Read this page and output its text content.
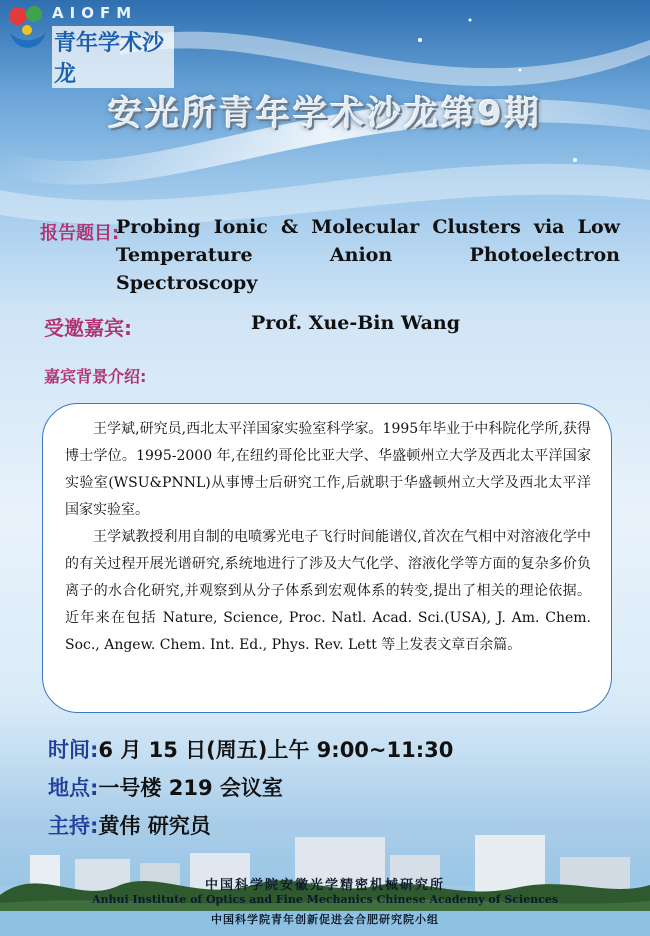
AIOFM
青年学术沙龙
安光所青年学术沙龙第9期
报告题目:
Probing Ionic & Molecular Clusters via Low Temperature Anion Photoelectron Spectroscopy
受邀嘉宾:	Prof. Xue-Bin Wang
嘉宾背景介绍:

王学斌,研究员,西北太平洋国家实验室科学家。1995年毕业于中科院化学所,获得博士学位。1995-2000 年,在纽约哥伦比亚大学、华盛顿州立大学及西北太平洋国家实验室(WSU&PNNL)从事博士后研究工作,后就职于华盛顿州立大学及西北太平洋国家实验室。

王学斌教授利用自制的电喷雾光电子飞行时间能谱仪,首次在气相中对溶液化学中的有关过程开展光谱研究,系统地进行了涉及大气化学、溶液化学等方面的复杂多价负离子的水合化研究,并观察到从分子体系到宏观体系的转变,提出了相关的理论依据。近年来在包括 Nature, Science, Proc. Natl. Acad. Sci.(USA), J. Am. Chem. Soc., Angew. Chem. Int. Ed., Phys. Rev. Lett 等上发表文章百余篇。

时间:6 月 15 日(周五)上午 9:00~11:30
地点:一号楼 219 会议室
主持:黄伟 研究员
中国科学院安徽光学精密机械研究所
Anhui Institute of Optics and Fine Mechanics Chinese Academy of Sciences
中国科学院青年创新促进会合肥研究院小组
